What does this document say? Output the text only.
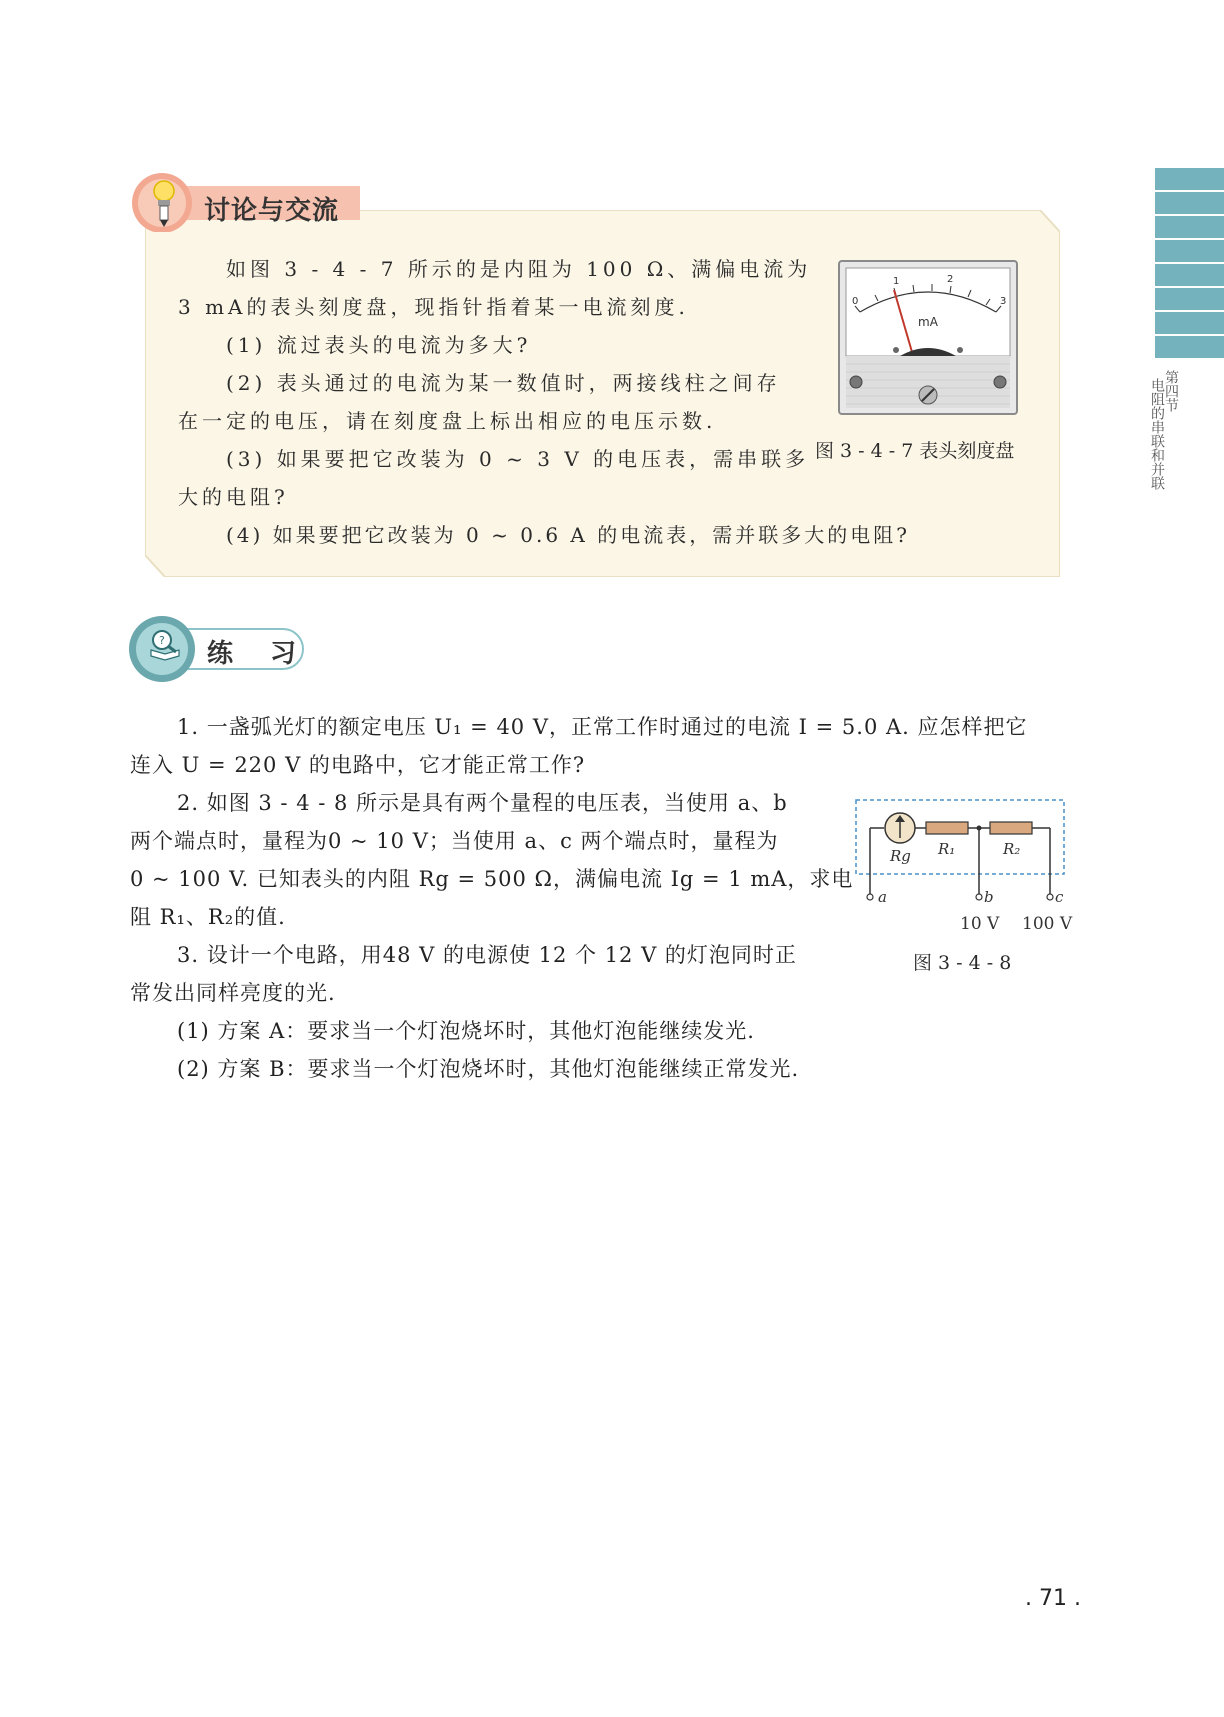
第四节
电阻的串联和并联
讨论与交流
如图 3 - 4 - 7 所示的是内阻为 100 Ω、满偏电流为
3 mA的表头刻度盘，现指针指着某一电流刻度.
(1) 流过表头的电流为多大?
(2) 表头通过的电流为某一数值时，两接线柱之间存
在一定的电压，请在刻度盘上标出相应的电压示数.
(3) 如果要把它改装为 0 ~ 3 V 的电压表，需串联多
大的电阻?
(4) 如果要把它改装为 0 ~ 0.6 A 的电流表，需并联多大的电阻?
0
1	2
3
mA
图 3 - 4 - 7 表头刻度盘
? 练 习
1. 一盏弧光灯的额定电压 U₁ = 40 V，正常工作时通过的电流 I = 5.0 A. 应怎样把它
连入 U = 220 V 的电路中，它才能正常工作?
2. 如图 3 - 4 - 8 所示是具有两个量程的电压表，当使用 a、b
两个端点时，量程为0 ~ 10 V；当使用 a、c 两个端点时，量程为
0 ~ 100 V. 已知表头的内阻 Rg = 500 Ω，满偏电流 Ig = 1 mA，求电
阻 R₁、R₂的值.
3. 设计一个电路，用48 V 的电源使 12 个 12 V 的灯泡同时正
常发出同样亮度的光.
(1) 方案 A：要求当一个灯泡烧坏时，其他灯泡能继续发光.
(2) 方案 B：要求当一个灯泡烧坏时，其他灯泡能继续正常发光.
Rg R₁	R₂
a	b	c
10 V 100 V
图 3 - 4 - 8
. 71 .
